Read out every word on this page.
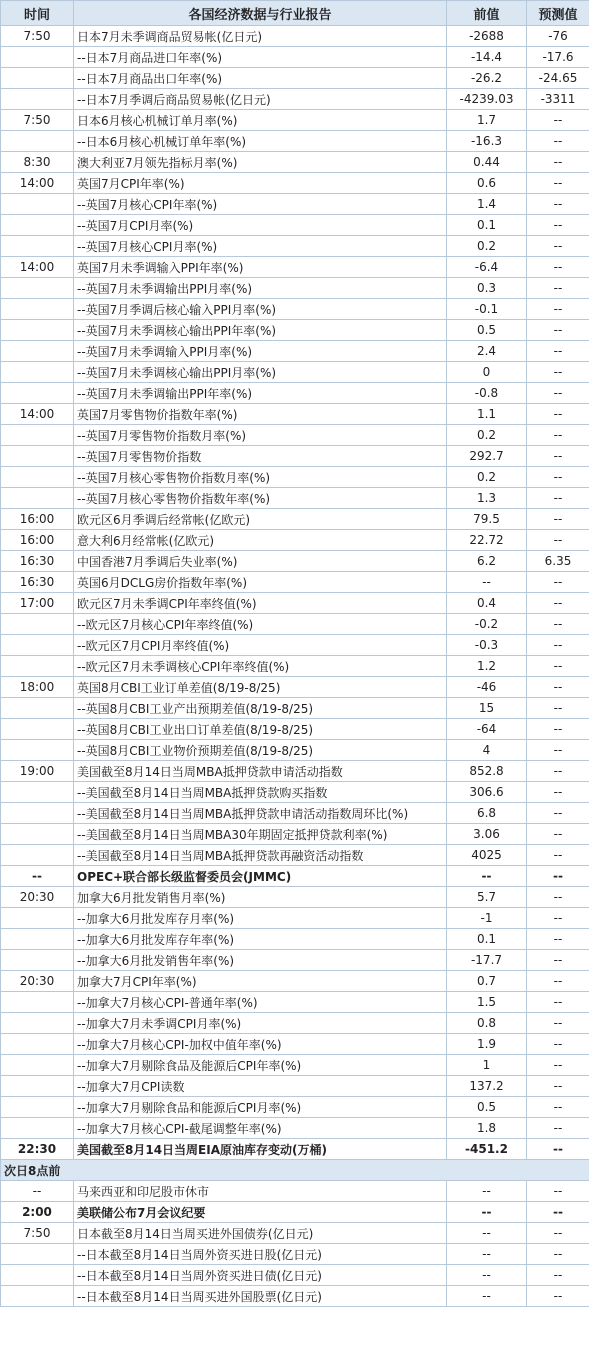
时间	各国经济数据与行业报告	前值	预测值
7:50	日本7月未季调商品贸易帐(亿日元)	-2688	-76
	--日本7月商品进口年率(%)	-14.4	-17.6
	--日本7月商品出口年率(%)	-26.2	-24.65
	--日本7月季调后商品贸易帐(亿日元)	-4239.03	-3311
7:50	日本6月核心机械订单月率(%)	1.7	--
	--日本6月核心机械订单年率(%)	-16.3	--
8:30	澳大利亚7月领先指标月率(%)	0.44	--
14:00	英国7月CPI年率(%)	0.6	--
	--英国7月核心CPI年率(%)	1.4	--
	--英国7月CPI月率(%)	0.1	--
	--英国7月核心CPI月率(%)	0.2	--
14:00	英国7月未季调输入PPI年率(%)	-6.4	--
	--英国7月未季调输出PPI月率(%)	0.3	--
	--英国7月季调后核心输入PPI月率(%)	-0.1	--
	--英国7月未季调核心输出PPI年率(%)	0.5	--
	--英国7月未季调输入PPI月率(%)	2.4	--
	--英国7月未季调核心输出PPI月率(%)	0	--
	--英国7月未季调输出PPI年率(%)	-0.8	--
14:00	英国7月零售物价指数年率(%)	1.1	--
	--英国7月零售物价指数月率(%)	0.2	--
	--英国7月零售物价指数	292.7	--
	--英国7月核心零售物价指数月率(%)	0.2	--
	--英国7月核心零售物价指数年率(%)	1.3	--
16:00	欧元区6月季调后经常帐(亿欧元)	79.5	--
16:00	意大利6月经常帐(亿欧元)	22.72	--
16:30	中国香港7月季调后失业率(%)	6.2	6.35
16:30	英国6月DCLG房价指数年率(%)	--	--
17:00	欧元区7月未季调CPI年率终值(%)	0.4	--
	--欧元区7月核心CPI年率终值(%)	-0.2	--
	--欧元区7月CPI月率终值(%)	-0.3	--
	--欧元区7月未季调核心CPI年率终值(%)	1.2	--
18:00	英国8月CBI工业订单差值(8/19-8/25)	-46	--
	--英国8月CBI工业产出预期差值(8/19-8/25)	15	--
	--英国8月CBI工业出口订单差值(8/19-8/25)	-64	--
	--英国8月CBI工业物价预期差值(8/19-8/25)	4	--
19:00	美国截至8月14日当周MBA抵押贷款申请活动指数	852.8	--
	--美国截至8月14日当周MBA抵押贷款购买指数	306.6	--
	--美国截至8月14日当周MBA抵押贷款申请活动指数周环比(%)	6.8	--
	--美国截至8月14日当周MBA30年期固定抵押贷款利率(%)	3.06	--
	--美国截至8月14日当周MBA抵押贷款再融资活动指数	4025	--
--	OPEC+联合部长级监督委员会(JMMC)	--	--
20:30	加拿大6月批发销售月率(%)	5.7	--
	--加拿大6月批发库存月率(%)	-1	--
	--加拿大6月批发库存年率(%)	0.1	--
	--加拿大6月批发销售年率(%)	-17.7	--
20:30	加拿大7月CPI年率(%)	0.7	--
	--加拿大7月核心CPI-普通年率(%)	1.5	--
	--加拿大7月未季调CPI月率(%)	0.8	--
	--加拿大7月核心CPI-加权中值年率(%)	1.9	--
	--加拿大7月剔除食品及能源后CPI年率(%)	1	--
	--加拿大7月CPI读数	137.2	--
	--加拿大7月剔除食品和能源后CPI月率(%)	0.5	--
	--加拿大7月核心CPI-截尾调整年率(%)	1.8	--
22:30	美国截至8月14日当周EIA原油库存变动(万桶)	-451.2	--
次日8点前			
--	马来西亚和印尼股市休市	--	--
2:00	美联储公布7月会议纪要	--	--
7:50	日本截至8月14日当周买进外国债券(亿日元)	--	--
	--日本截至8月14日当周外资买进日股(亿日元)	--	--
	--日本截至8月14日当周外资买进日债(亿日元)	--	--
	--日本截至8月14日当周买进外国股票(亿日元)	--	--
